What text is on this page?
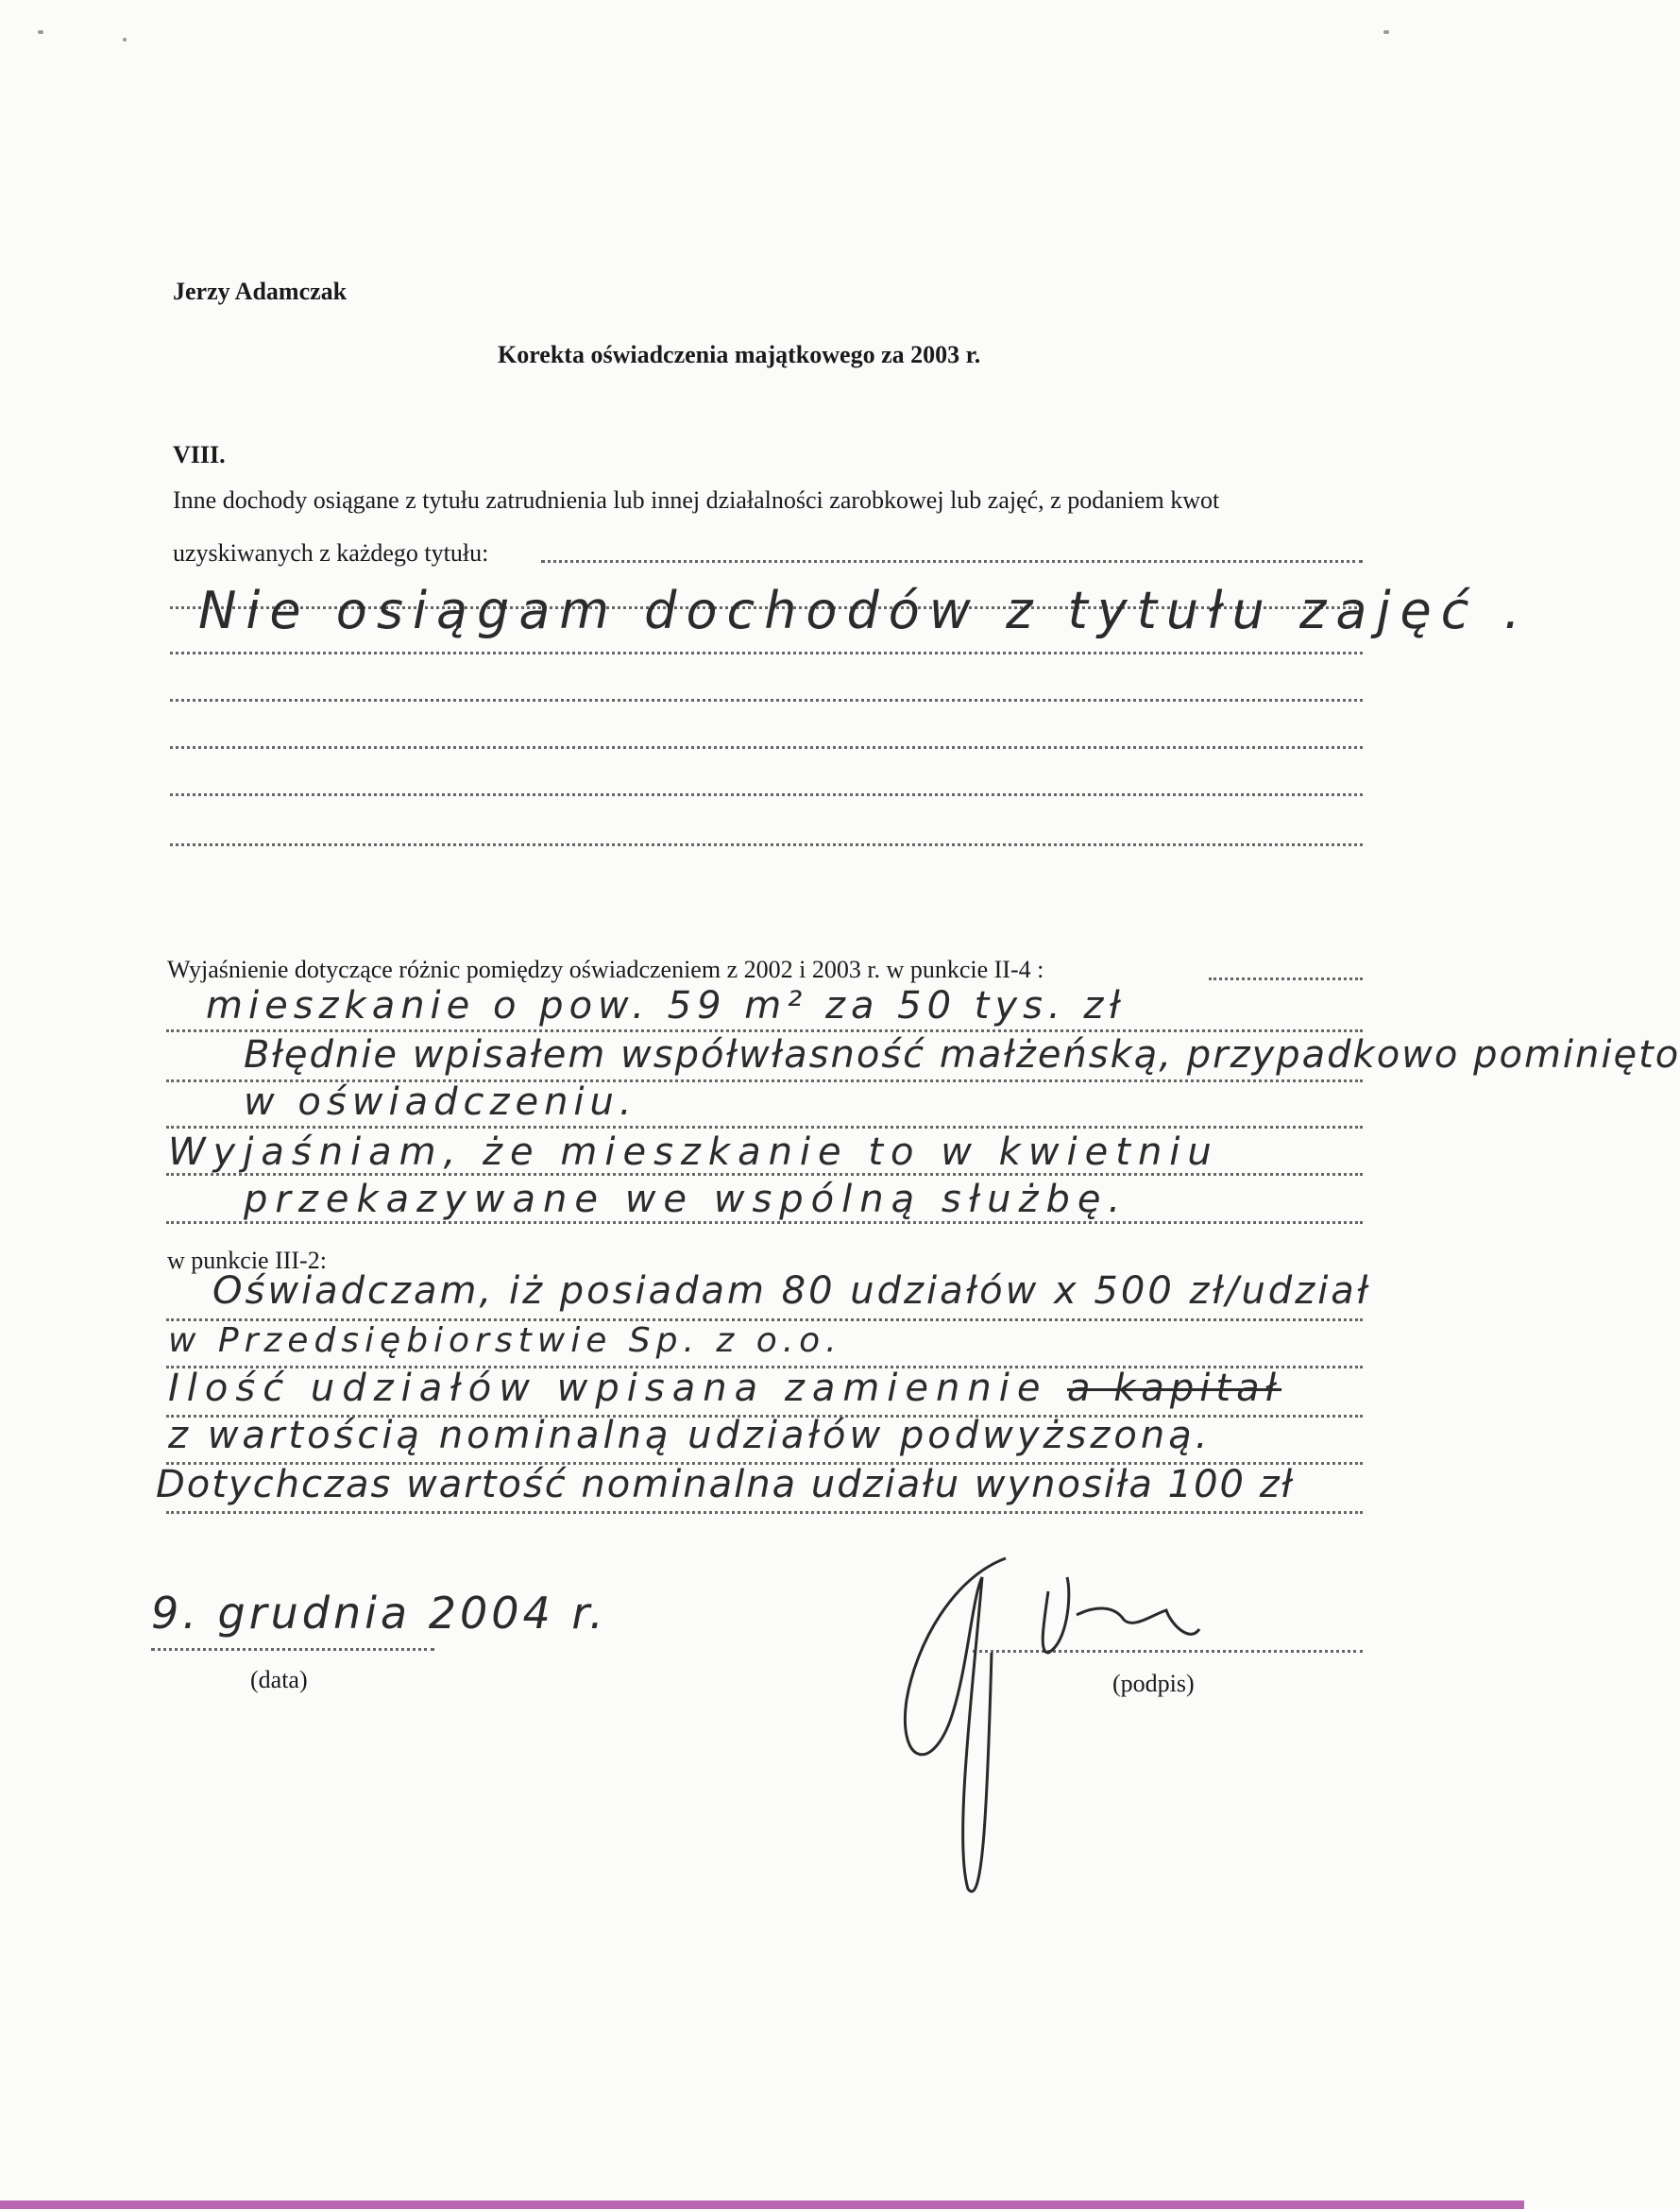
Jerzy Adamczak
Korekta oświadczenia majątkowego za 2003 r.
VIII.
Inne dochody osiągane z tytułu zatrudnienia lub innej działalności zarobkowej lub zajęć, z podaniem kwot
uzyskiwanych z każdego tytułu:
Nie osiągam dochodów z tytułu zajęć .
Wyjaśnienie dotyczące różnic pomiędzy oświadczeniem z 2002 i 2003 r. w punkcie II-4 :
mieszkanie o pow. 59 m² za 50 tys. zł
Błędnie wpisałem współwłasność małżeńską, przypadkowo pominięto
w oświadczeniu.
Wyjaśniam, że mieszkanie to w kwietniu
przekazywane we wspólną służbę.
w punkcie III-2:
Oświadczam, iż posiadam 80 udziałów x 500 zł/udział
w Przedsiębiorstwie Sp. z o.o.
Ilość udziałów wpisana zamiennie a kapitał
z wartością nominalną udziałów podwyższoną.
Dotychczas wartość nominalna udziału wynosiła 100 zł
9. grudnia 2004 r.
(data)	(podpis)
